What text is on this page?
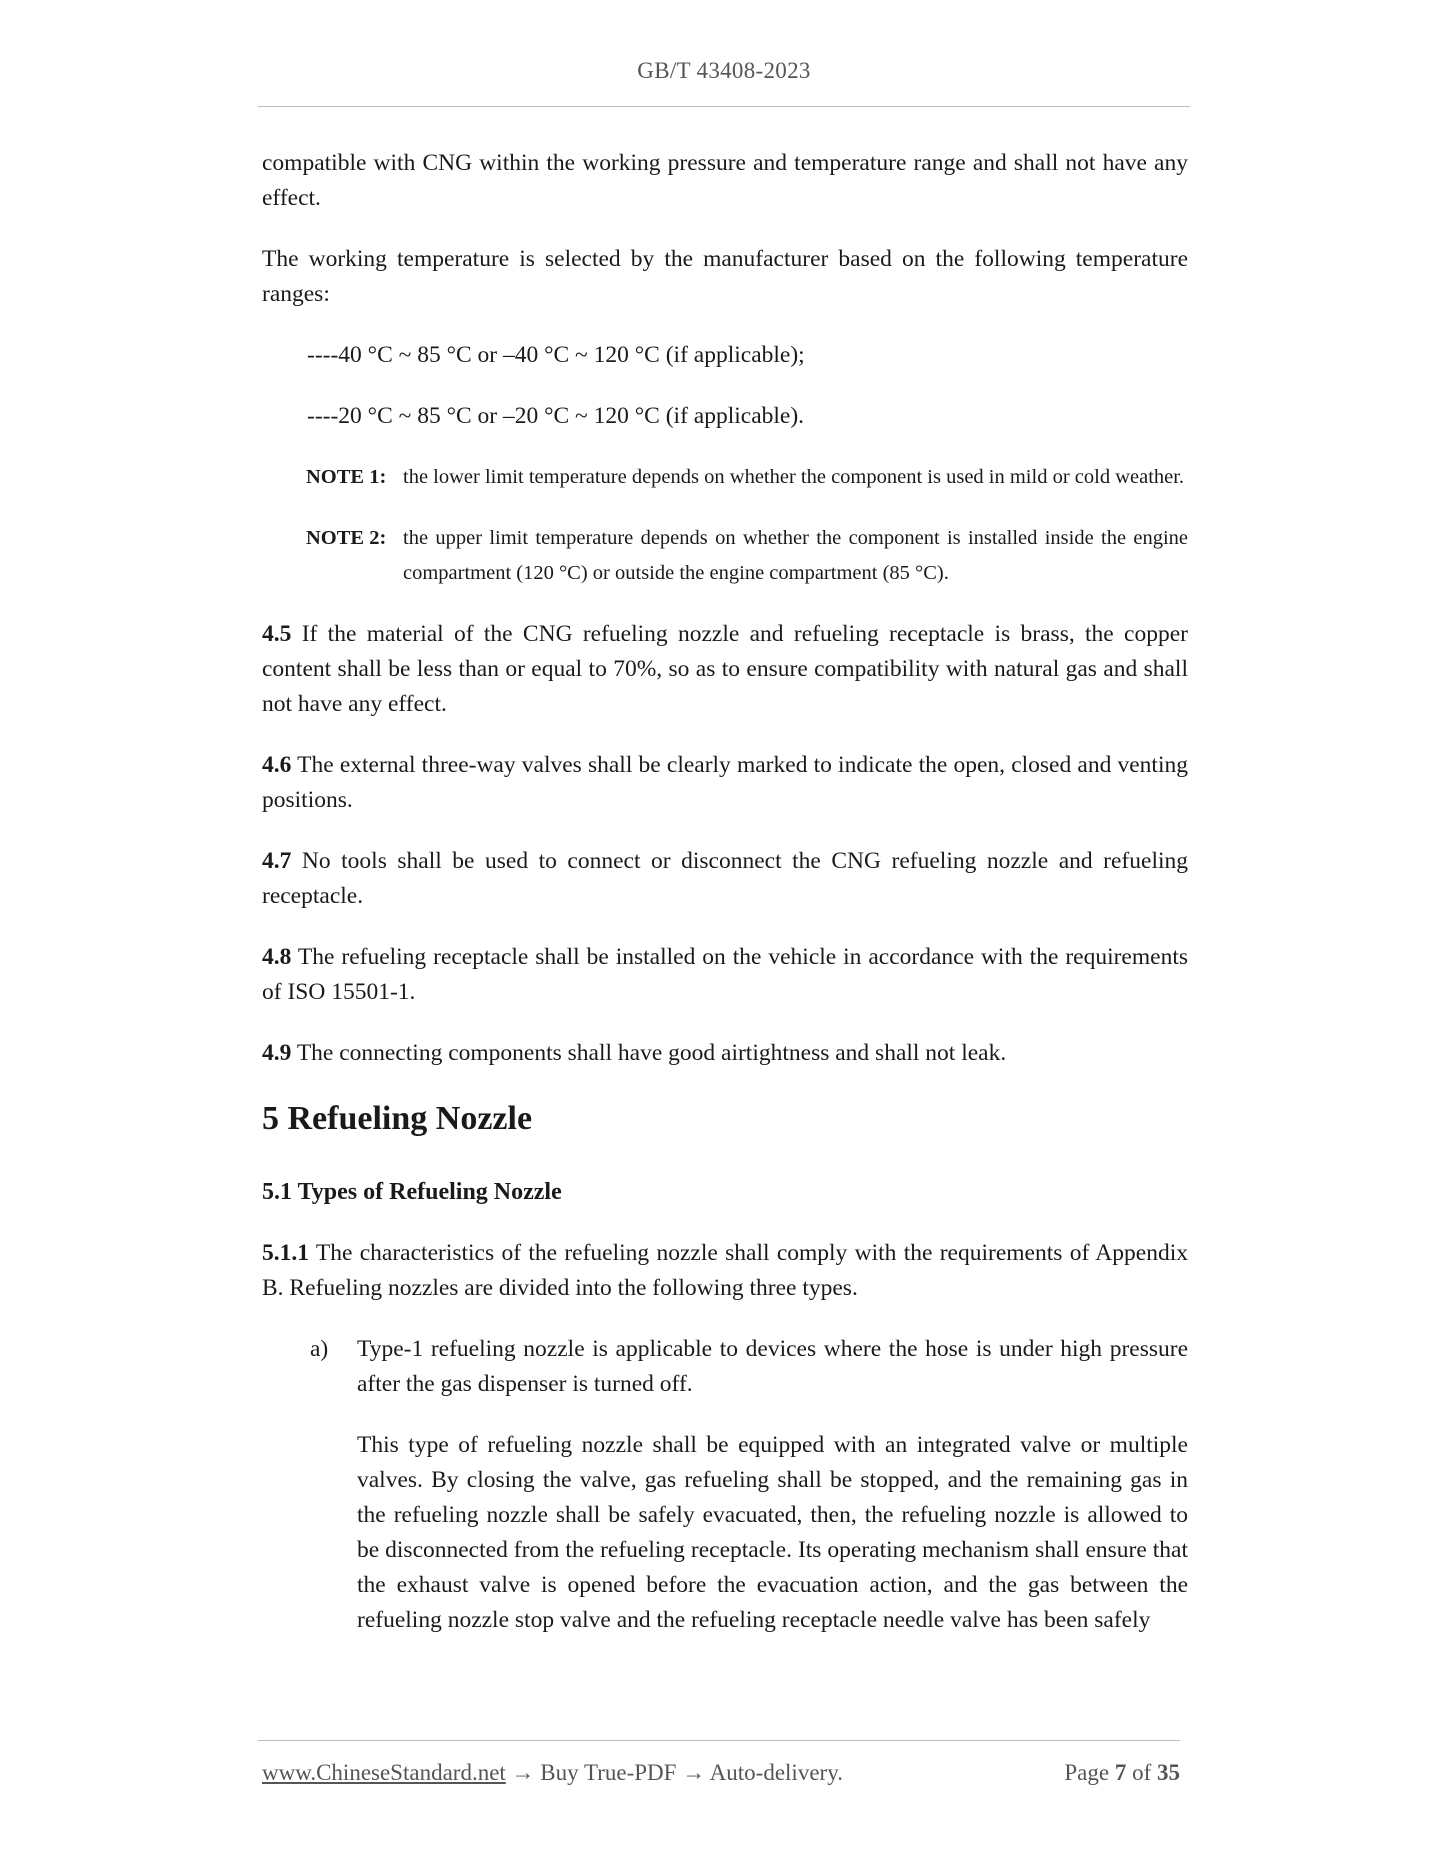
GB/T 43408-2023

compatible with CNG within the working pressure and temperature range and shall not have any effect.

The working temperature is selected by the manufacturer based on the following temperature ranges:

----40 °C ~ 85 °C or –40 °C ~ 120 °C (if applicable);

----20 °C ~ 85 °C or –20 °C ~ 120 °C (if applicable).

NOTE 1: the lower limit temperature depends on whether the component is used in mild or cold weather.
NOTE 2: the upper limit temperature depends on whether the component is installed inside the engine compartment (120 °C) or outside the engine compartment (85 °C).

4.5 If the material of the CNG refueling nozzle and refueling receptacle is brass, the copper content shall be less than or equal to 70%, so as to ensure compatibility with natural gas and shall not have any effect.

4.6 The external three-way valves shall be clearly marked to indicate the open, closed and venting positions.

4.7 No tools shall be used to connect or disconnect the CNG refueling nozzle and refueling receptacle.

4.8 The refueling receptacle shall be installed on the vehicle in accordance with the requirements of ISO 15501-1.

4.9 The connecting components shall have good airtightness and shall not leak.

5 Refueling Nozzle
5.1 Types of Refueling Nozzle

5.1.1 The characteristics of the refueling nozzle shall comply with the requirements of Appendix B. Refueling nozzles are divided into the following three types.

a) Type-1 refueling nozzle is applicable to devices where the hose is under high pressure after the gas dispenser is turned off.

This type of refueling nozzle shall be equipped with an integrated valve or multiple valves. By closing the valve, gas refueling shall be stopped, and the remaining gas in the refueling nozzle shall be safely evacuated, then, the refueling nozzle is allowed to be disconnected from the refueling receptacle. Its operating mechanism shall ensure that the exhaust valve is opened before the evacuation action, and the gas between the refueling nozzle stop valve and the refueling receptacle needle valve has been safely

www.ChineseStandard.net → Buy True-PDF → Auto-delivery.	Page 7 of 35
